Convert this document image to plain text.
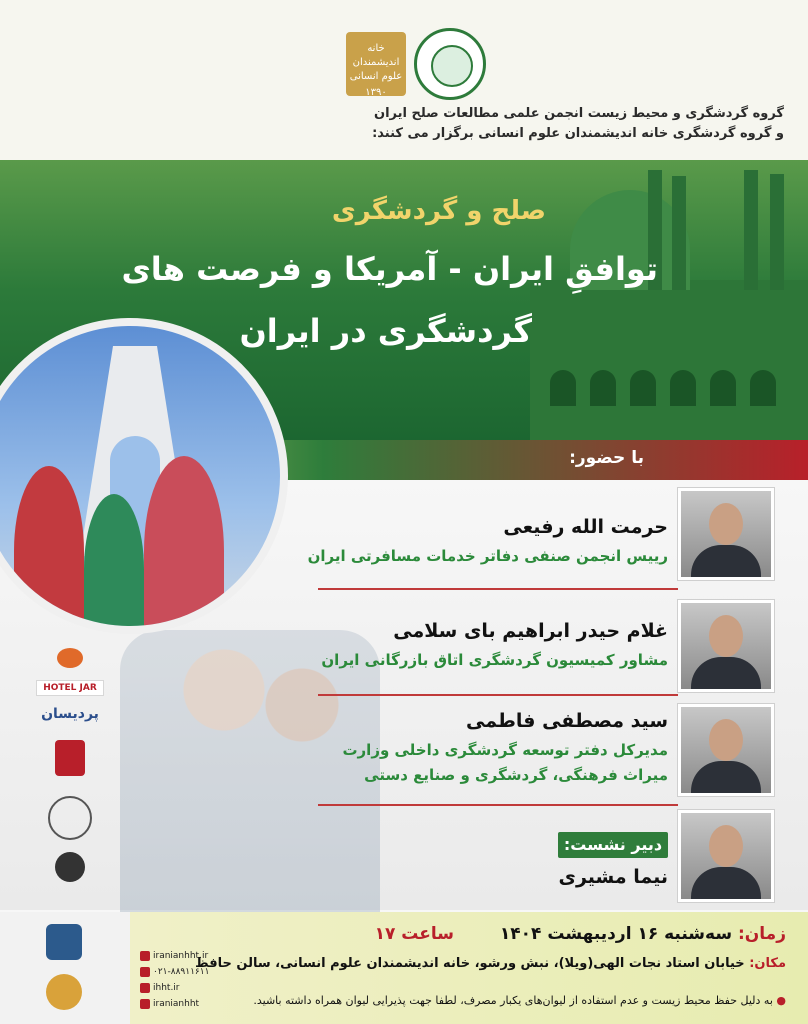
خانه اندیشمندان علوم انسانی
۱۳۹۰
گروه گردشگری و محیط زیست انجمن علمی مطالعات صلح ایران
و گروه گردشگری خانه اندیشمندان علوم انسانی برگزار می کنند:
صلح و گردشگری
توافقِ ایران - آمریکا و فرصت های
گردشگری در ایران
با حضور:
حرمت الله رفیعی
رییس انجمن صنفی دفاتر خدمات مسافرتی ایران
غلام حیدر ابراهیم بای سلامی
مشاور کمیسیون گردشگری اتاق بازرگانی ایران
سید مصطفی فاطمی
مدیرکل دفتر توسعه گردشگری داخلی وزارت
میراث فرهنگی، گردشگری و صنایع دستی
دبیر نشست:
نیما مشیری
HOTEL JAR
پردیسان
زمان: سه‌شنبه ۱۶ اردیبهشت ۱۴۰۴ ساعت ۱۷
مکان: خیابان استاد نجات الهی(ویلا)، نبش ورشو، خانه اندیشمندان علوم انسانی، سالن حافظ
● به دلیل حفظ محیط زیست و عدم استفاده از لیوان‌های یکبار مصرف، لطفا جهت پذیرایی لیوان همراه داشته باشید.
iranianhht.ir
۰۲۱-۸۸۹۱۱۶۱۱
ihht.ir
iranianhht
